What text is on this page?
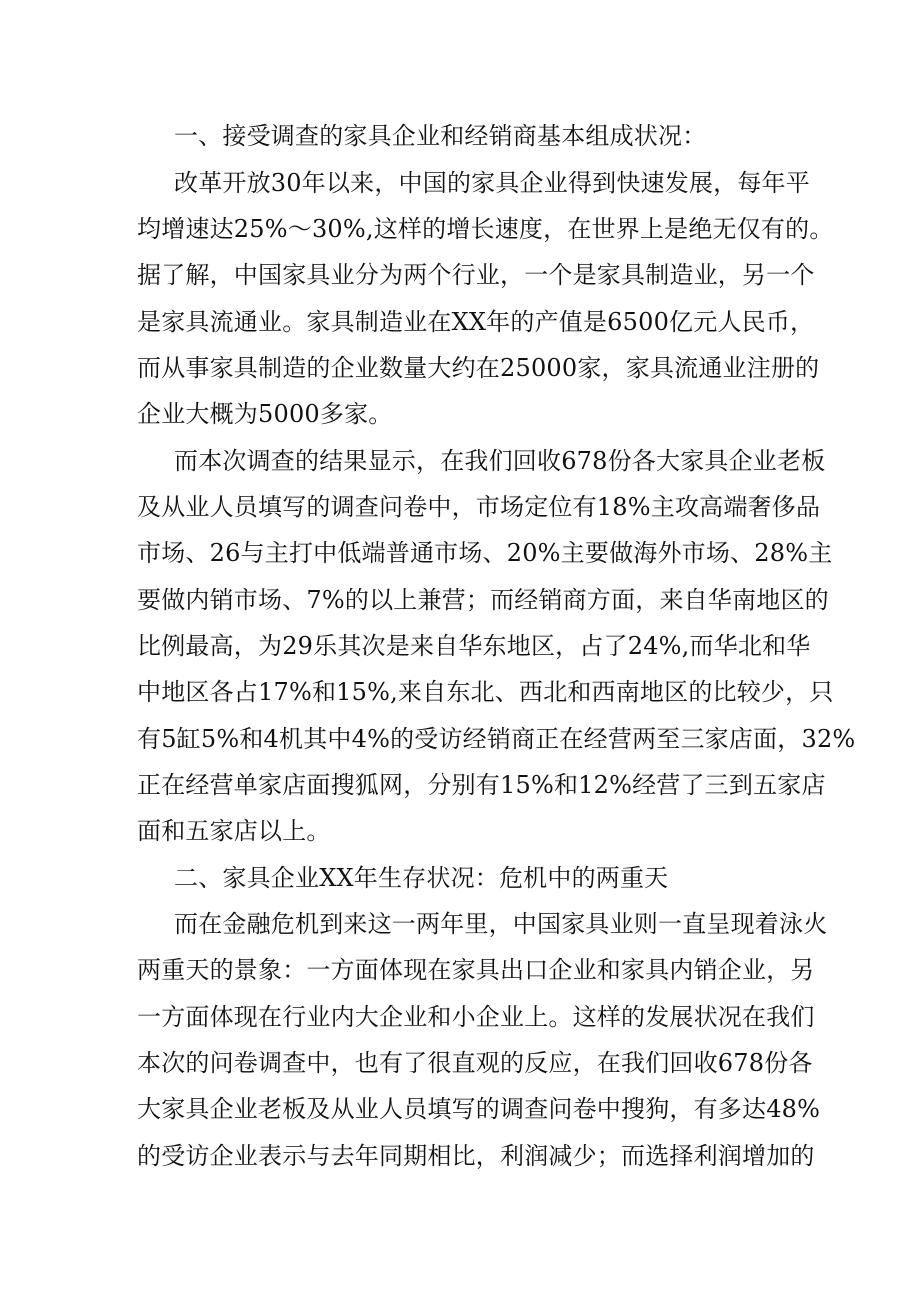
一、接受调查的家具企业和经销商基本组成状况：
改革开放30年以来，中国的家具企业得到快速发展，每年平
均增速达25%～30%,这样的增长速度，在世界上是绝无仅有的。
据了解，中国家具业分为两个行业，一个是家具制造业，另一个
是家具流通业。家具制造业在XX年的产值是6500亿元人民币，
而从事家具制造的企业数量大约在25000家，家具流通业注册的
企业大概为5000多家。
而本次调查的结果显示，在我们回收678份各大家具企业老板
及从业人员填写的调查问卷中，市场定位有18%主攻高端奢侈品
市场、26与主打中低端普通市场、20%主要做海外市场、28%主
要做内销市场、7%的以上兼营；而经销商方面，来自华南地区的
比例最高，为29乐其次是来自华东地区，占了24%,而华北和华
中地区各占17%和15%,来自东北、西北和西南地区的比较少，只
有5缸5%和4机其中4%的受访经销商正在经营两至三家店面，32%
正在经营单家店面搜狐网，分别有15%和12%经营了三到五家店
面和五家店以上。
二、家具企业XX年生存状况：危机中的两重天
而在金融危机到来这一两年里，中国家具业则一直呈现着泳火
两重天的景象：一方面体现在家具出口企业和家具内销企业，另
一方面体现在行业内大企业和小企业上。这样的发展状况在我们
本次的问卷调查中，也有了很直观的反应，在我们回收678份各
大家具企业老板及从业人员填写的调查问卷中搜狗，有多达48%
的受访企业表示与去年同期相比，利润减少；而选择利润增加的
